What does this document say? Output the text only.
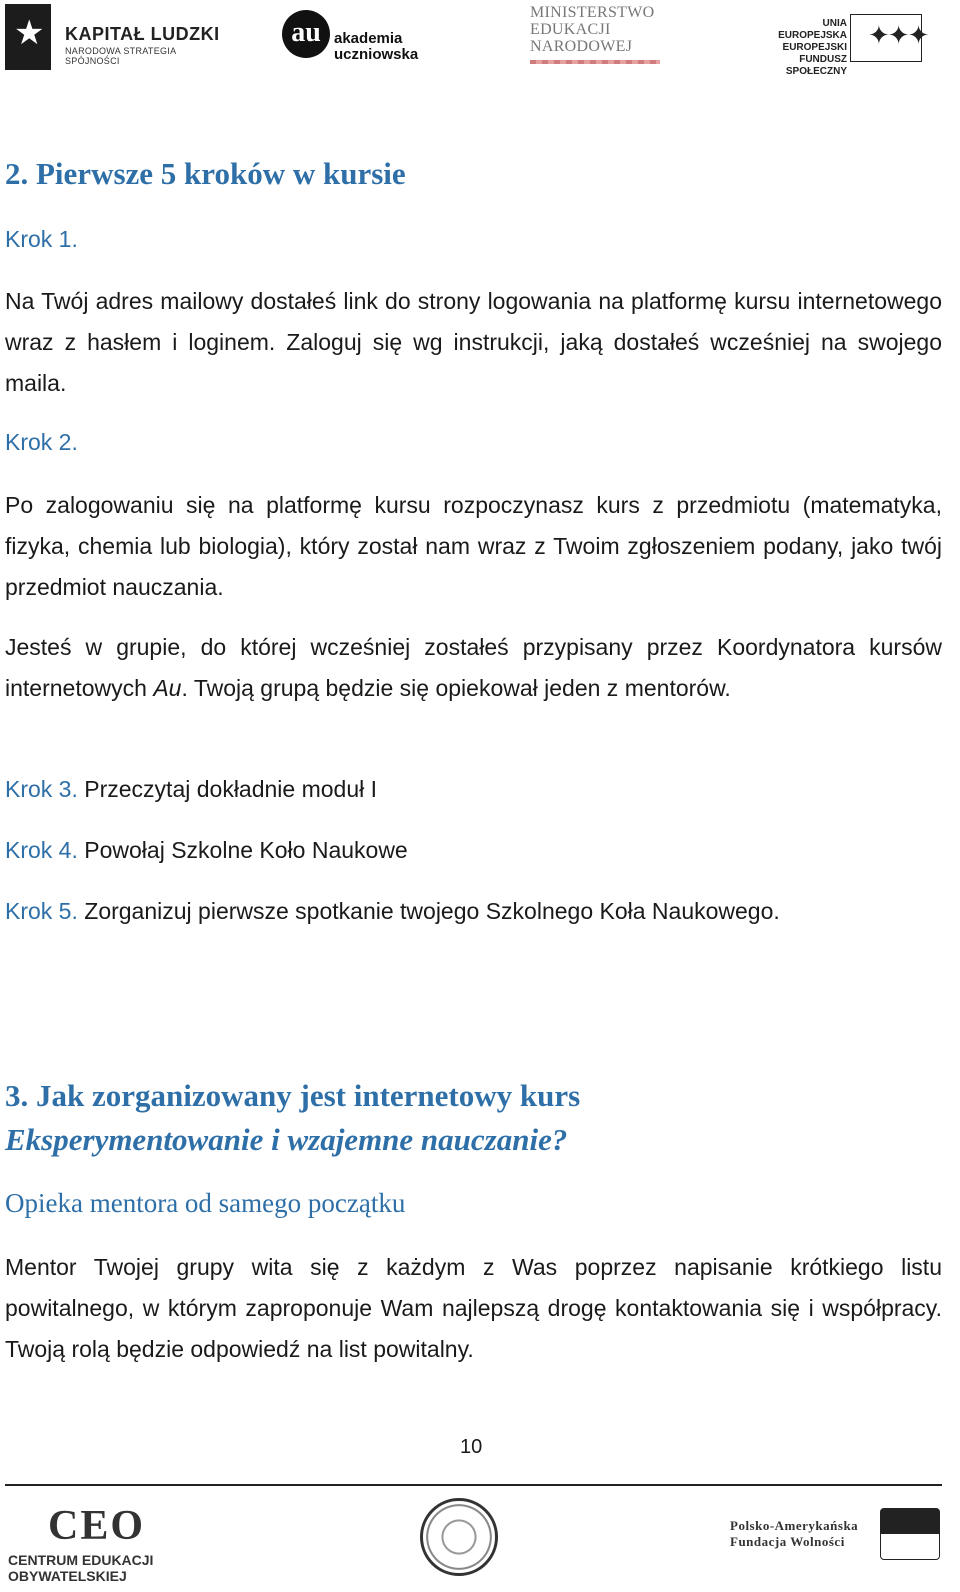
★ KAPITAŁ LUDZKI
NARODOWA STRATEGIA SPÓJNOŚCI
au akademia
uczniowska
MINISTERSTWO
EDUKACJI
NARODOWEJ
UNIA EUROPEJSKA
EUROPEJSKI
FUNDUSZ SPOŁECZNY
✦✦✦
2. Pierwsze 5 kroków w kursie
Krok 1.

Na Twój adres mailowy dostałeś link do strony logowania na platformę kursu internetowego wraz z hasłem i loginem. Zaloguj się wg instrukcji, jaką dostałeś wcześniej na swojego maila.

Krok 2.

Po zalogowaniu się na platformę kursu rozpoczynasz kurs z przedmiotu (matematyka, fizyka, chemia lub biologia), który został nam wraz z Twoim zgłoszeniem podany, jako twój przedmiot nauczania.

Jesteś w grupie, do której wcześniej zostałeś przypisany przez Koordynatora kursów internetowych Au. Twoją grupą będzie się opiekował jeden z mentorów.

Krok 3. Przeczytaj dokładnie moduł I
Krok 4. Powołaj Szkolne Koło Naukowe
Krok 5. Zorganizuj pierwsze spotkanie twojego Szkolnego Koła Naukowego.
3. Jak zorganizowany jest internetowy kurs
Eksperymentowanie i wzajemne nauczanie?
Opieka mentora od samego początku

Mentor Twojej grupy wita się z każdym z Was poprzez napisanie krótkiego listu powitalnego, w którym zaproponuje Wam najlepszą drogę kontaktowania się i współpracy. Twoją rolą będzie odpowiedź na list powitalny.

10
CEO
CENTRUM EDUKACJI OBYWATELSKIEJ
Polsko-Amerykańska
Fundacja Wolności
